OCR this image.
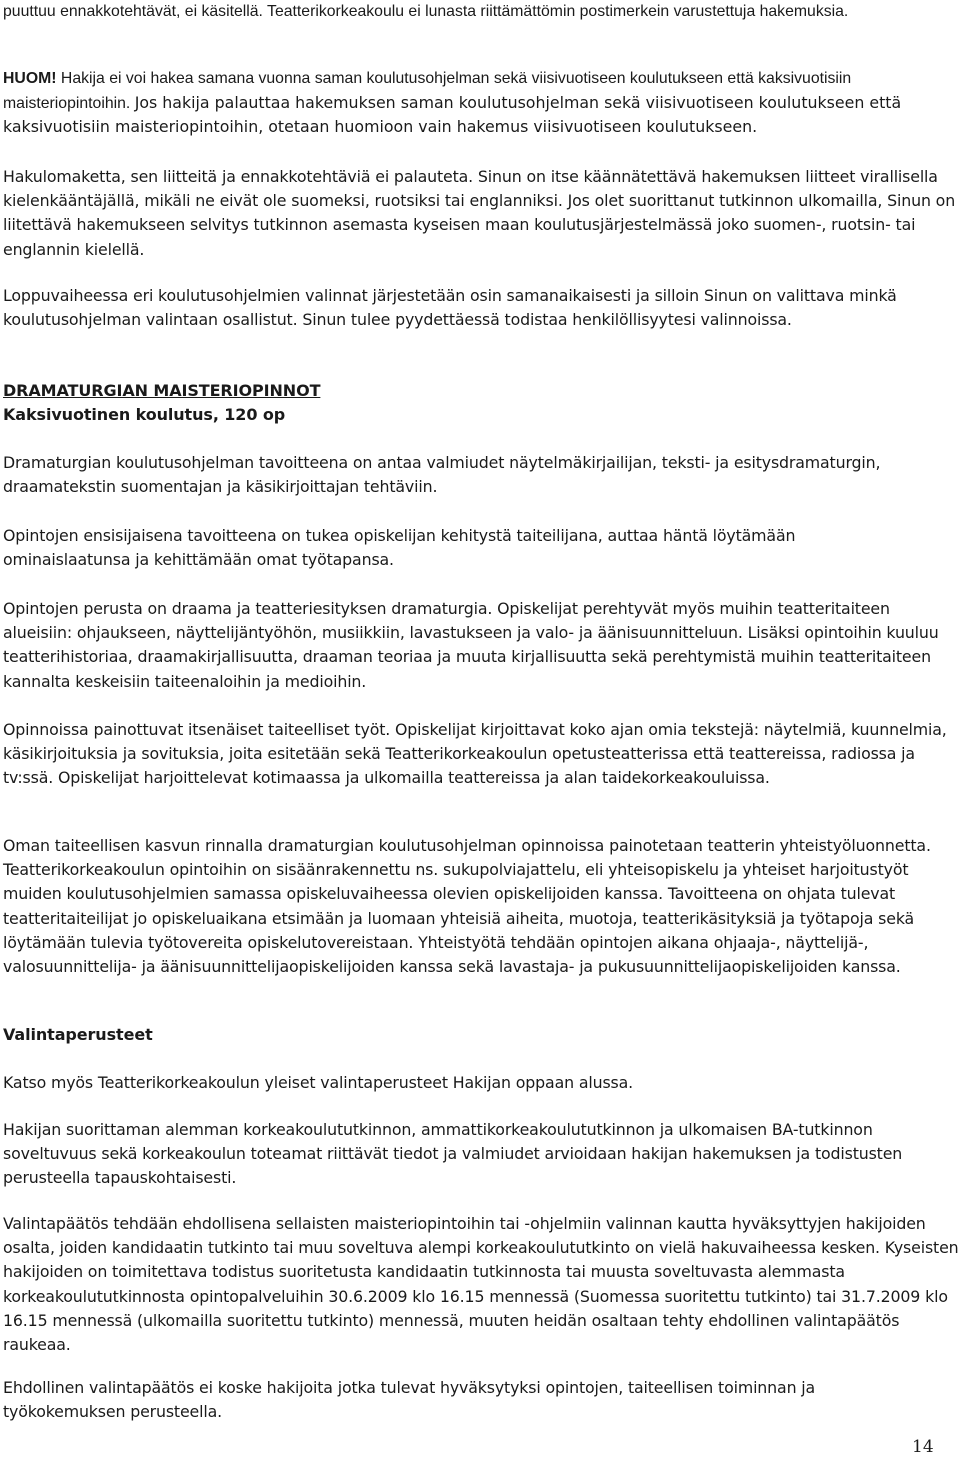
puuttuu ennakkotehtävät, ei käsitellä. Teatterikorkeakoulu ei lunasta riittämättömin postimerkein varustettuja hakemuksia.

HUOM! Hakija ei voi hakea samana vuonna saman koulutusohjelman sekä viisivuotiseen koulutukseen että kaksivuotisiin maisteriopintoihin. Jos hakija palauttaa hakemuksen saman koulutusohjelman sekä viisivuotiseen koulutukseen että kaksivuotisiin maisteriopintoihin, otetaan huomioon vain hakemus viisivuotiseen koulutukseen.

Hakulomaketta, sen liitteitä ja ennakkotehtäviä ei palauteta. Sinun on itse käännätettävä hakemuksen liitteet virallisella kielenkääntäjällä, mikäli ne eivät ole suomeksi, ruotsiksi tai englanniksi. Jos olet suorittanut tutkinnon ulkomailla, Sinun on liitettävä hakemukseen selvitys tutkinnon asemasta kyseisen maan koulutusjärjestelmässä joko suomen-, ruotsin- tai englannin kielellä.

Loppuvaiheessa eri koulutusohjelmien valinnat järjestetään osin samanaikaisesti ja silloin Sinun on valittava minkä koulutusohjelman valintaan osallistut. Sinun tulee pyydettäessä todistaa henkilöllisyytesi valinnoissa.

DRAMATURGIAN MAISTERIOPINNOT

Kaksivuotinen koulutus, 120 op

Dramaturgian koulutusohjelman tavoitteena on antaa valmiudet näytelmäkirjailijan, teksti- ja esitysdramaturgin, draamatekstin suomentajan ja käsikirjoittajan tehtäviin.

Opintojen ensisijaisena tavoitteena on tukea opiskelijan kehitystä taiteilijana, auttaa häntä löytämään ominaislaatunsa ja kehittämään omat työtapansa.

Opintojen perusta on draama ja teatteriesityksen dramaturgia. Opiskelijat perehtyvät myös muihin teatteritaiteen alueisiin: ohjaukseen, näyttelijäntyöhön, musiikkiin, lavastukseen ja valo- ja äänisuunnitteluun. Lisäksi opintoihin kuuluu teatterihistoriaa, draamakirjallisuutta, draaman teoriaa ja muuta kirjallisuutta sekä perehtymistä muihin teatteritaiteen kannalta keskeisiin taiteenaloihin ja medioihin.

Opinnoissa painottuvat itsenäiset taiteelliset työt. Opiskelijat kirjoittavat koko ajan omia tekstejä: näytelmiä, kuunnelmia, käsikirjoituksia ja sovituksia, joita esitetään sekä Teatterikorkeakoulun opetusteatterissa että teattereissa, radiossa ja tv:ssä. Opiskelijat harjoittelevat kotimaassa ja ulkomailla teattereissa ja alan taidekorkeakouluissa.

Oman taiteellisen kasvun rinnalla dramaturgian koulutusohjelman opinnoissa painotetaan teatterin yhteistyöluonnetta. Teatterikorkeakoulun opintoihin on sisäänrakennettu ns. sukupolviajattelu, eli yhteisopiskelu ja yhteiset harjoitustyöt muiden koulutusohjelmien samassa opiskeluvaiheessa olevien opiskelijoiden kanssa. Tavoitteena on ohjata tulevat teatteritaiteilijat jo opiskeluaikana etsimään ja luomaan yhteisiä aiheita, muotoja, teatterikäsityksiä ja työtapoja sekä löytämään tulevia työtovereita opiskelutovereistaan. Yhteistyötä tehdään opintojen aikana ohjaaja-, näyttelijä-, valosuunnittelija- ja äänisuunnittelijaopiskelijoiden kanssa sekä lavastaja- ja pukusuunnittelijaopiskelijoiden kanssa.

Valintaperusteet

Katso myös Teatterikorkeakoulun yleiset valintaperusteet Hakijan oppaan alussa.

Hakijan suorittaman alemman korkeakoulututkinnon, ammattikorkeakoulututkinnon ja ulkomaisen BA-tutkinnon soveltuvuus sekä korkeakoulun toteamat riittävät tiedot ja valmiudet arvioidaan hakijan hakemuksen ja todistusten perusteella tapauskohtaisesti.

Valintapäätös tehdään ehdollisena sellaisten maisteriopintoihin tai -ohjelmiin valinnan kautta hyväksyttyjen hakijoiden osalta, joiden kandidaatin tutkinto tai muu soveltuva alempi korkeakoulututkinto on vielä hakuvaiheessa kesken. Kyseisten hakijoiden on toimitettava todistus suoritetusta kandidaatin tutkinnosta tai muusta soveltuvasta alemmasta korkeakoulututkinnosta opintopalveluihin 30.6.2009 klo 16.15 mennessä (Suomessa suoritettu tutkinto) tai 31.7.2009 klo 16.15 mennessä (ulkomailla suoritettu tutkinto) mennessä, muuten heidän osaltaan tehty ehdollinen valintapäätös raukeaa.

Ehdollinen valintapäätös ei koske hakijoita jotka tulevat hyväksytyksi opintojen, taiteellisen toiminnan ja työkokemuksen perusteella.

14
